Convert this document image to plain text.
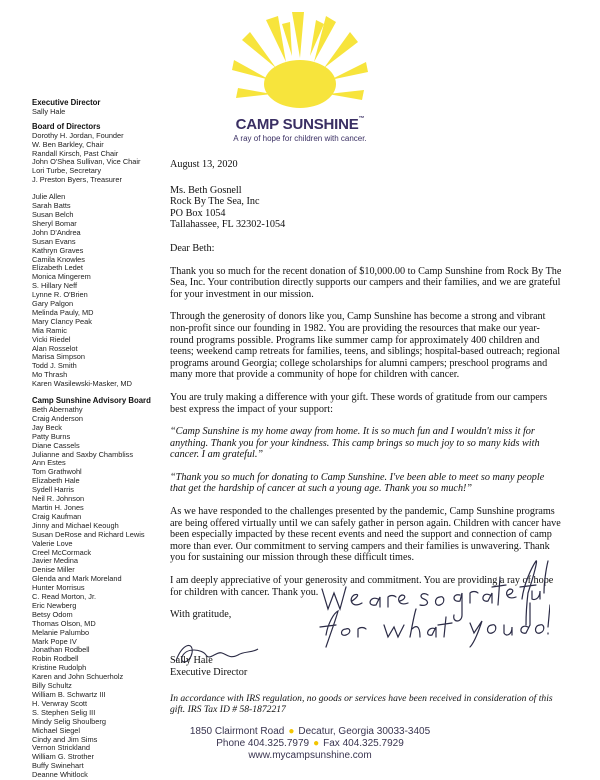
CAMP SUNSHINE™
A ray of hope for children with cancer.
Executive Director
Sally Hale
Board of Directors
Dorothy H. Jordan, Founder
W. Ben Barkley, Chair
Randall Kirsch, Past Chair
John O'Shea Sullivan, Vice Chair
Lori Turbe, Secretary
J. Preston Byers, Treasurer
Julie Allen
Sarah Batts
Susan Belch
Sheryl Bomar
John D'Andrea
Susan Evans
Kathryn Graves
Camila Knowles
Elizabeth Ledet
Monica Mingerem
S. Hillary Neff
Lynne R. O'Brien
Gary Palgon
Melinda Pauly, MD
Mary Clancy Peak
Mia Ramic
Vicki Riedel
Alan Rosselot
Marisa Simpson
Todd J. Smith
Mo Thrash
Karen Wasilewski-Masker, MD
Camp Sunshine Advisory Board
Beth Abernathy
Craig Anderson
Jay Beck
Patty Burns
Diane Cassels
Julianne and Saxby Chambliss
Ann Estes
Tom Grathwohl
Elizabeth Hale
Sydell Harris
Neil R. Johnson
Martin H. Jones
Craig Kaufman
Jinny and Michael Keough
Susan DeRose and Richard Lewis
Valerie Love
Creel McCormack
Javier Medina
Denise Miller
Glenda and Mark Moreland
Hunter Morrisus
C. Read Morton, Jr.
Eric Newberg
Betsy Odom
Thomas Olson, MD
Melanie Palumbo
Mark Pope IV
Jonathan Rodbell
Robin Rodbell
Kristine Rudolph
Karen and John Schuerholz
Billy Schultz
William B. Schwartz III
H. Verwray Scott
S. Stephen Selig III
Mindy Selig Shoulberg
Michael Siegel
Cindy and Jim Sims
Vernon Strickland
William G. Strother
Buffy Swinehart
Deanne Whitlock

August 13, 2020

Ms. Beth Gosnell

Rock By The Sea, Inc

PO Box 1054

Tallahassee, FL 32302-1054

Dear Beth:

Thank you so much for the recent donation of $10,000.00 to Camp Sunshine from Rock By The Sea, Inc. Your contribution directly supports our campers and their families, and we are grateful for your investment in our mission.

Through the generosity of donors like you, Camp Sunshine has become a strong and vibrant non-profit since our founding in 1982. You are providing the resources that make our year-round programs possible. Programs like summer camp for approximately 400 children and teens; weekend camp retreats for families, teens, and siblings; hospital-based outreach; regional programs around Georgia; college scholarships for alumni campers; preschool programs and many more that provide a community of hope for children with cancer.

You are truly making a difference with your gift. These words of gratitude from our campers best express the impact of your support:

“Camp Sunshine is my home away from home. It is so much fun and I wouldn't miss it for anything. Thank you for your kindness. This camp brings so much joy to so many kids with cancer. I am grateful.”

“Thank you so much for donating to Camp Sunshine. I've been able to meet so many people that get the hardship of cancer at such a young age. Thank you so much!”

As we have responded to the challenges presented by the pandemic, Camp Sunshine programs are being offered virtually until we can safely gather in person again. Children with cancer have been especially impacted by these recent events and need the support and connection of camp more than ever. Our commitment to serving campers and their families is unwavering. Thank you for sustaining our mission through these difficult times.

I am deeply appreciative of your generosity and commitment. You are providing a ray of hope for children with cancer. Thank you.

With gratitude,

Sally Hale
Executive Director

In accordance with IRS regulation, no goods or services have been received in consideration of this gift. IRS Tax ID # 58-1872217

1850 Clairmont Road ● Decatur, Georgia 30033-3405
Phone 404.325.7979 ● Fax 404.325.7929
www.mycampsunshine.com
